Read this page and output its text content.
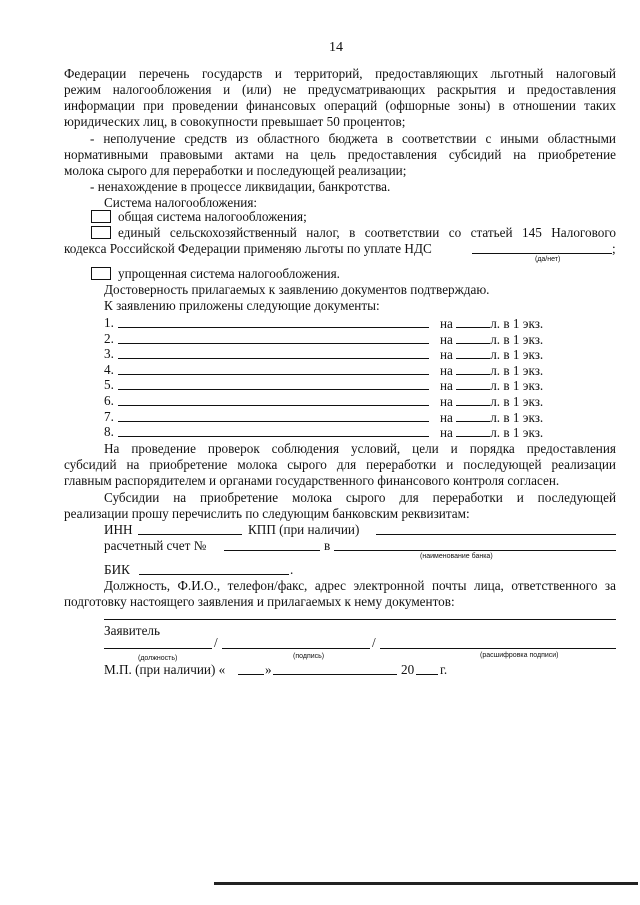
14
Федерации перечень государств и территорий, предоставляющих льготный налоговый
режим налогообложения и (или) не предусматривающих раскрытия и предоставления
информации при проведении финансовых операций (офшорные зоны) в отношении таких
юридических лиц, в совокупности превышает 50 процентов;
- неполучение средств из областного бюджета в соответствии с иными областными
нормативными правовыми актами на цель предоставления субсидий на приобретение
молока сырого для переработки и последующей реализации;
- ненахождение в процессе ликвидации, банкротства.
Система налогообложения:
общая система налогообложения;
единый сельскохозяйственный налог, в соответствии со статьей 145 Налогового
кодекса Российской Федерации применяю льготы по уплате НДС	;
(да/нет)
упрощенная система налогообложения.
Достоверность прилагаемых к заявлению документов подтверждаю.
К заявлению приложены следующие документы:
1.	на	л. в 1 экз.
2.	на	л. в 1 экз.
3.	на	л. в 1 экз.
4.	на	л. в 1 экз.
5.	на	л. в 1 экз.
6.	на	л. в 1 экз.
7.	на	л. в 1 экз.
8.	на	л. в 1 экз.
На проведение проверок соблюдения условий, цели и порядка предоставления
субсидий на приобретение молока сырого для переработки и последующей реализации
главным распорядителем и органами государственного финансового контроля согласен.
Субсидии на приобретение молока сырого для переработки и последующей
реализации прошу перечислить по следующим банковским реквизитам:
ИНН	КПП (при наличии)
расчетный счет №	в
(наименование банка)
БИК	.
Должность, Ф.И.О., телефон/факс, адрес электронной почты лица, ответственного за
подготовку настоящего заявления и прилагаемых к нему документов:
Заявитель
/	/
(должность)	(подпись)	(расшифровка подписи)
М.П. (при наличии) «	»	20 г.
